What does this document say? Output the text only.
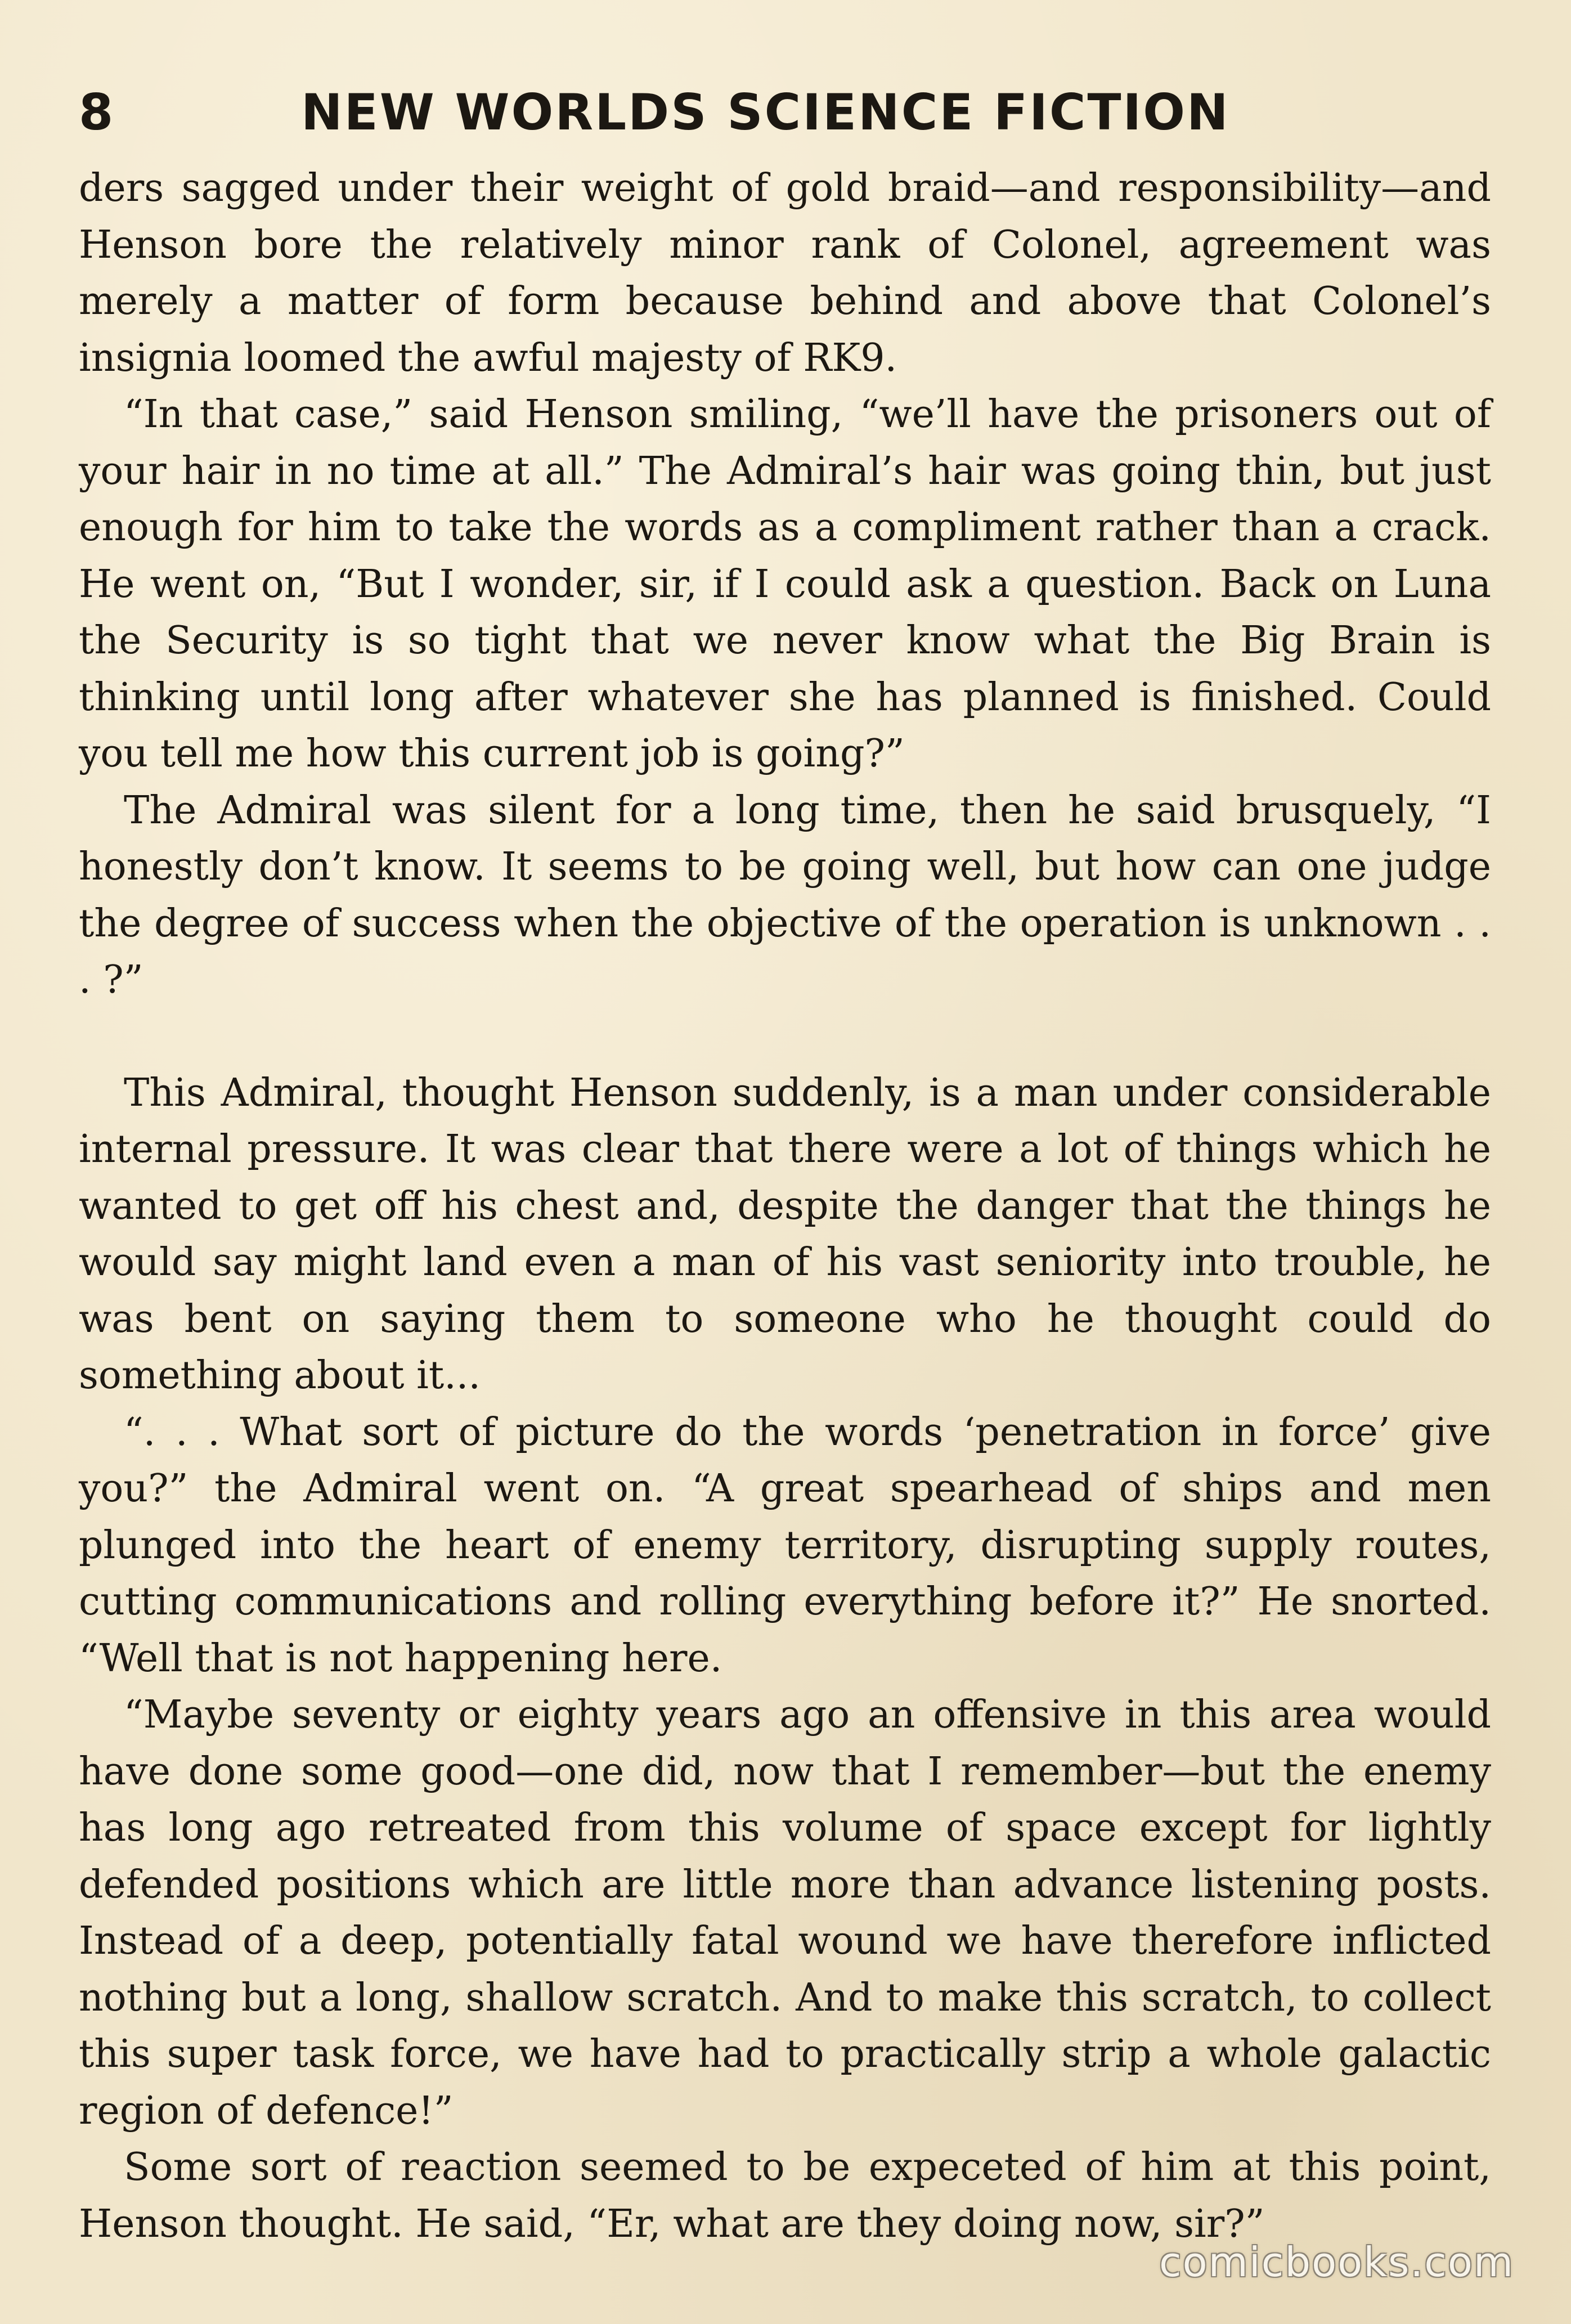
8	NEW WORLDS SCIENCE FICTION

ders sagged under their weight of gold braid—and responsibility—and Henson bore the relatively minor rank of Colonel, agreement was merely a matter of form because behind and above that Colonel’s insignia loomed the awful majesty of RK9.

“In that case,” said Henson smiling, “we’ll have the prisoners out of your hair in no time at all.” The Admiral’s hair was going thin, but just enough for him to take the words as a compliment rather than a crack. He went on, “But I wonder, sir, if I could ask a question. Back on Luna the Security is so tight that we never know what the Big Brain is thinking until long after whatever she has planned is finished. Could you tell me how this current job is going?”

The Admiral was silent for a long time, then he said brusquely, “I honestly don’t know. It seems to be going well, but how can one judge the degree of success when the objective of the operation is unknown . . . ?”

This Admiral, thought Henson suddenly, is a man under considerable internal pressure. It was clear that there were a lot of things which he wanted to get off his chest and, despite the danger that the things he would say might land even a man of his vast seniority into trouble, he was bent on saying them to someone who he thought could do something about it...

“. . . What sort of picture do the words ‘penetration in force’ give you?” the Admiral went on. “A great spearhead of ships and men plunged into the heart of enemy territory, disrupting supply routes, cutting communications and rolling everything before it?” He snorted. “Well that is not happening here.

“Maybe seventy or eighty years ago an offensive in this area would have done some good—one did, now that I remember—but the enemy has long ago retreated from this volume of space except for lightly defended positions which are little more than advance listening posts. Instead of a deep, potentially fatal wound we have therefore inflicted nothing but a long, shallow scratch. And to make this scratch, to collect this super task force, we have had to practically strip a whole galactic region of defence!”

Some sort of reaction seemed to be expeceted of him at this point, Henson thought. He said, “Er, what are they doing now, sir?”

comicbooks.com
